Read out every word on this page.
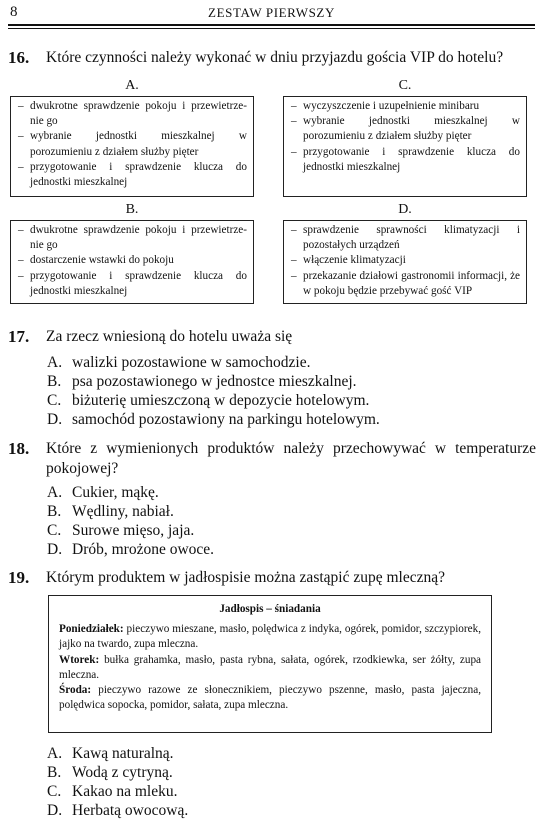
8	ZESTAW PIERWSZY
16. Które czynności należy wykonać w dniu przyjazdu gościa VIP do hotelu?
A.
– dwukrotne sprawdzenie pokoju i przewietrze-nie go
– wybranie jednostki mieszkalnej w porozumieniu z działem służby pięter
– przygotowanie i sprawdzenie klucza do jednostki mieszkalnej
C.
– wyczyszczenie i uzupełnienie minibaru
– wybranie jednostki mieszkalnej w porozumieniu z działem służby pięter
– przygotowanie i sprawdzenie klucza do jednostki mieszkalnej
B.
– dwukrotne sprawdzenie pokoju i przewietrze-nie go
– dostarczenie wstawki do pokoju
– przygotowanie i sprawdzenie klucza do jednostki mieszkalnej
D.
– sprawdzenie sprawności klimatyzacji i pozostałych urządzeń
– włączenie klimatyzacji
– przekazanie działowi gastronomii informacji, że w pokoju będzie przebywać gość VIP
17. Za rzecz wniesioną do hotelu uważa się
A. walizki pozostawione w samochodzie.
B. psa pozostawionego w jednostce mieszkalnej.
C. biżuterię umieszczoną w depozycie hotelowym.
D. samochód pozostawiony na parkingu hotelowym.
18. Które z wymienionych produktów należy przechowywać w temperaturze pokojowej?
A. Cukier, mąkę.
B. Wędliny, nabiał.
C. Surowe mięso, jaja.
D. Drób, mrożone owoce.
19. Którym produktem w jadłospisie można zastąpić zupę mleczną?
Jadłospis – śniadania
Poniedziałek: pieczywo mieszane, masło, polędwica z indyka, ogórek, pomidor, szczypiorek, jajko na twardo, zupa mleczna.
Wtorek: bułka grahamka, masło, pasta rybna, sałata, ogórek, rzodkiewka, ser żółty, zupa mleczna.
Środa: pieczywo razowe ze słonecznikiem, pieczywo pszenne, masło, pasta jajeczna, polędwica sopocka, pomidor, sałata, zupa mleczna.
A. Kawą naturalną.
B. Wodą z cytryną.
C. Kakao na mleku.
D. Herbatą owocową.
